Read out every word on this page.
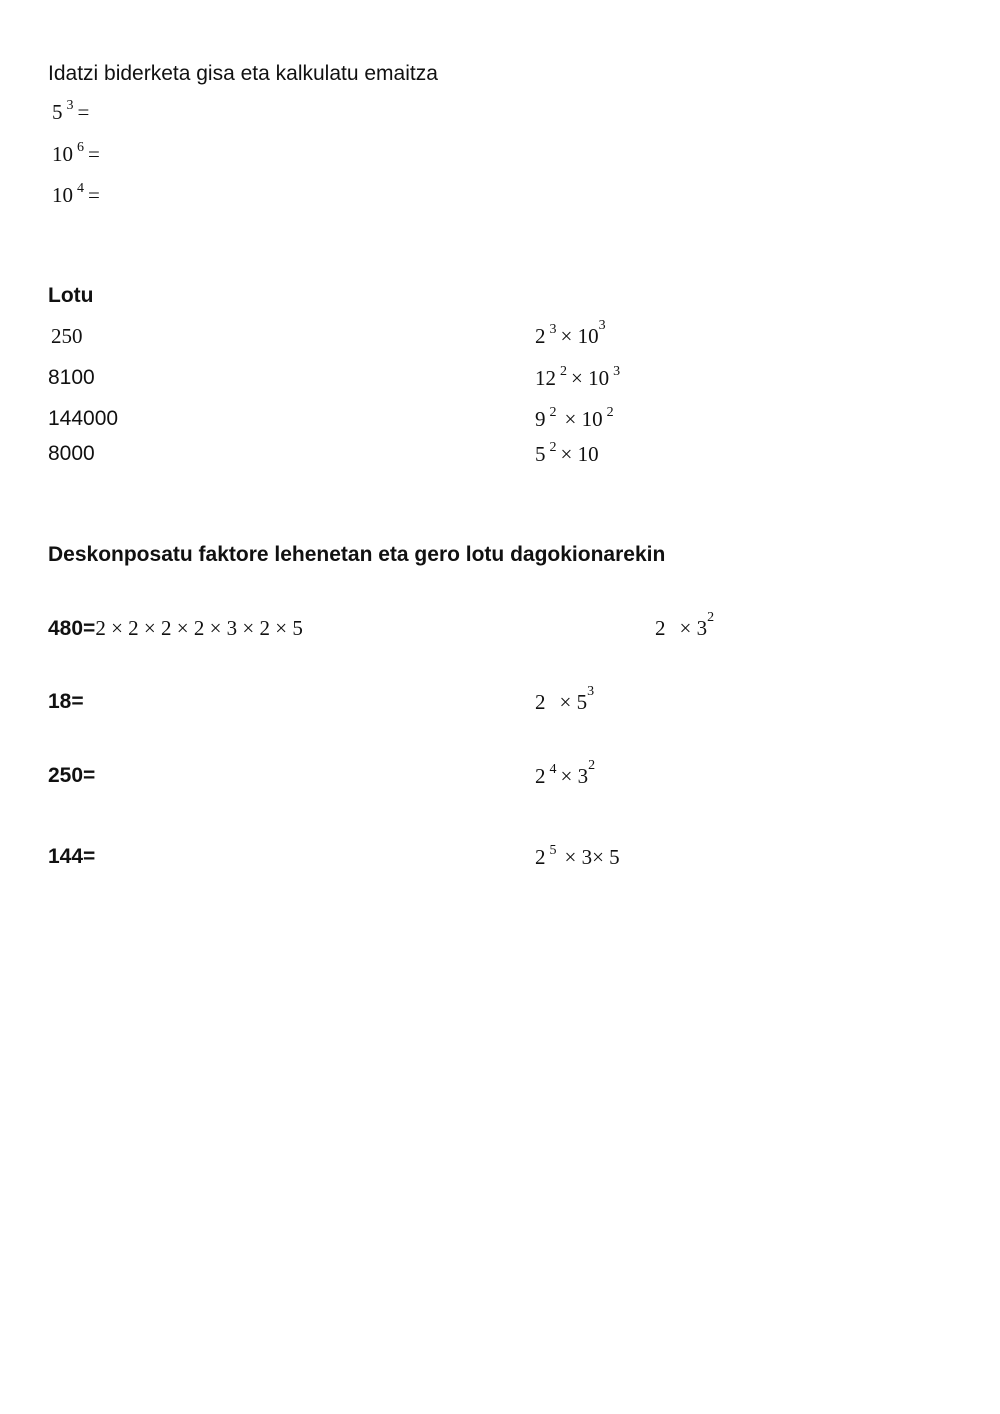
Idatzi biderketa gisa eta kalkulatu emaitza
5 3 =
10 6 =
10 4 =
Lotu
250
8100
144000
8000
2 3 × 103
12 2 × 10 3
9 2 × 10 2
5 2 × 10
Deskonposatu faktore lehenetan eta gero lotu dagokionarekin
480=2 × 2 × 2 × 2 × 3 × 2 × 5
18=
250=
144=
2 × 32
2 × 53
2 4 × 32
2 5 × 3× 5
